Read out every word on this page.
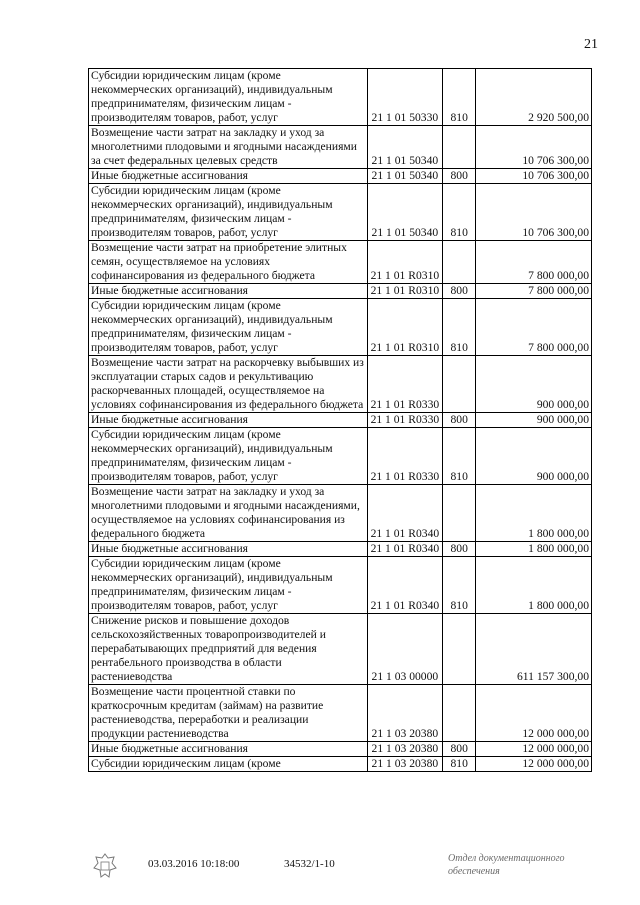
21
Субсидии юридическим лицам (кроме некоммерческих организаций), индивидуальным предпринимателям, физическим лицам - производителям товаров, работ, услуг	21 1 01 50330	810	2 920 500,00
Возмещение части затрат на закладку и уход за многолетними плодовыми и ягодными насаждениями за счет федеральных целевых средств	21 1 01 50340		10 706 300,00
Иные бюджетные ассигнования	21 1 01 50340	800	10 706 300,00
Субсидии юридическим лицам (кроме некоммерческих организаций), индивидуальным предпринимателям, физическим лицам - производителям товаров, работ, услуг	21 1 01 50340	810	10 706 300,00
Возмещение части затрат на приобретение элитных семян, осуществляемое на условиях софинансирования из федерального бюджета	21 1 01 R0310		7 800 000,00
Иные бюджетные ассигнования	21 1 01 R0310	800	7 800 000,00
Субсидии юридическим лицам (кроме некоммерческих организаций), индивидуальным предпринимателям, физическим лицам - производителям товаров, работ, услуг	21 1 01 R0310	810	7 800 000,00
Возмещение части затрат на раскорчевку выбывших из эксплуатации старых садов и рекультивацию раскорчеванных площадей, осуществляемое на условиях софинансирования из федерального бюджета	21 1 01 R0330		900 000,00
Иные бюджетные ассигнования	21 1 01 R0330	800	900 000,00
Субсидии юридическим лицам (кроме некоммерческих организаций), индивидуальным предпринимателям, физическим лицам - производителям товаров, работ, услуг	21 1 01 R0330	810	900 000,00
Возмещение части затрат на закладку и уход за многолетними плодовыми и ягодными насаждениями, осуществляемое на условиях софинансирования из федерального бюджета	21 1 01 R0340		1 800 000,00
Иные бюджетные ассигнования	21 1 01 R0340	800	1 800 000,00
Субсидии юридическим лицам (кроме некоммерческих организаций), индивидуальным предпринимателям, физическим лицам - производителям товаров, работ, услуг	21 1 01 R0340	810	1 800 000,00
Снижение рисков и повышение доходов сельскохозяйственных товаропроизводителей и перерабатывающих предприятий для ведения рентабельного производства в области растениеводства	21 1 03 00000		611 157 300,00
Возмещение части процентной ставки по краткосрочным кредитам (займам) на развитие растениеводства, переработки и реализации продукции растениеводства	21 1 03 20380		12 000 000,00
Иные бюджетные ассигнования	21 1 03 20380	800	12 000 000,00
Субсидии юридическим лицам (кроме	21 1 03 20380	810	12 000 000,00
03.03.2016 10:18:00	34532/1-10	Отдел документационного обеспечения
